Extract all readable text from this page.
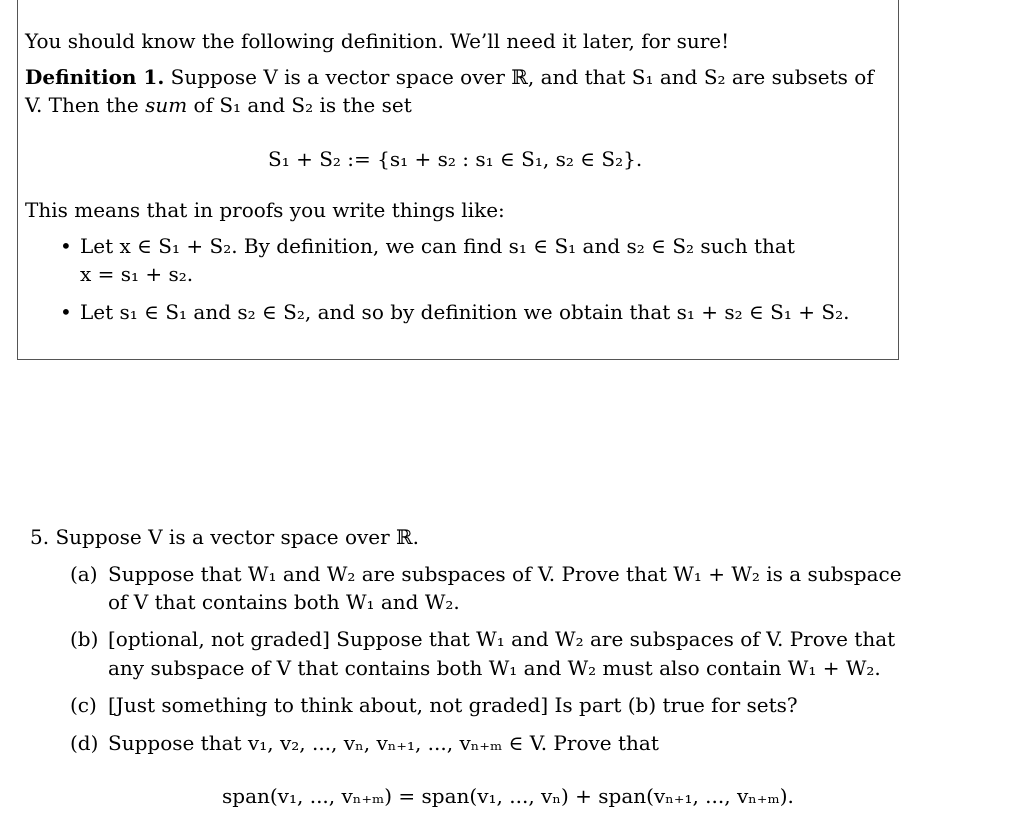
You should know the following definition. We’ll need it later, for sure!
Definition 1. Suppose V is a vector space over ℝ, and that S₁ and S₂ are subsets of
V. Then the sum of S₁ and S₂ is the set
S₁ + S₂ := {s₁ + s₂ : s₁ ∈ S₁, s₂ ∈ S₂}.
This means that in proofs you write things like:
• Let x ∈ S₁ + S₂. By definition, we can find s₁ ∈ S₁ and s₂ ∈ S₂ such that
x = s₁ + s₂.
• Let s₁ ∈ S₁ and s₂ ∈ S₂, and so by definition we obtain that s₁ + s₂ ∈ S₁ + S₂.
5. Suppose V is a vector space over ℝ.
(a) Suppose that W₁ and W₂ are subspaces of V. Prove that W₁ + W₂ is a subspace
of V that contains both W₁ and W₂.
(b) [optional, not graded] Suppose that W₁ and W₂ are subspaces of V. Prove that
any subspace of V that contains both W₁ and W₂ must also contain W₁ + W₂.
(c) [Just something to think about, not graded] Is part (b) true for sets?
(d) Suppose that v₁, v₂, ..., vₙ, vₙ₊₁, ..., vₙ₊ₘ ∈ V. Prove that
span(v₁, ..., vₙ₊ₘ) = span(v₁, ..., vₙ) + span(vₙ₊₁, ..., vₙ₊ₘ).
